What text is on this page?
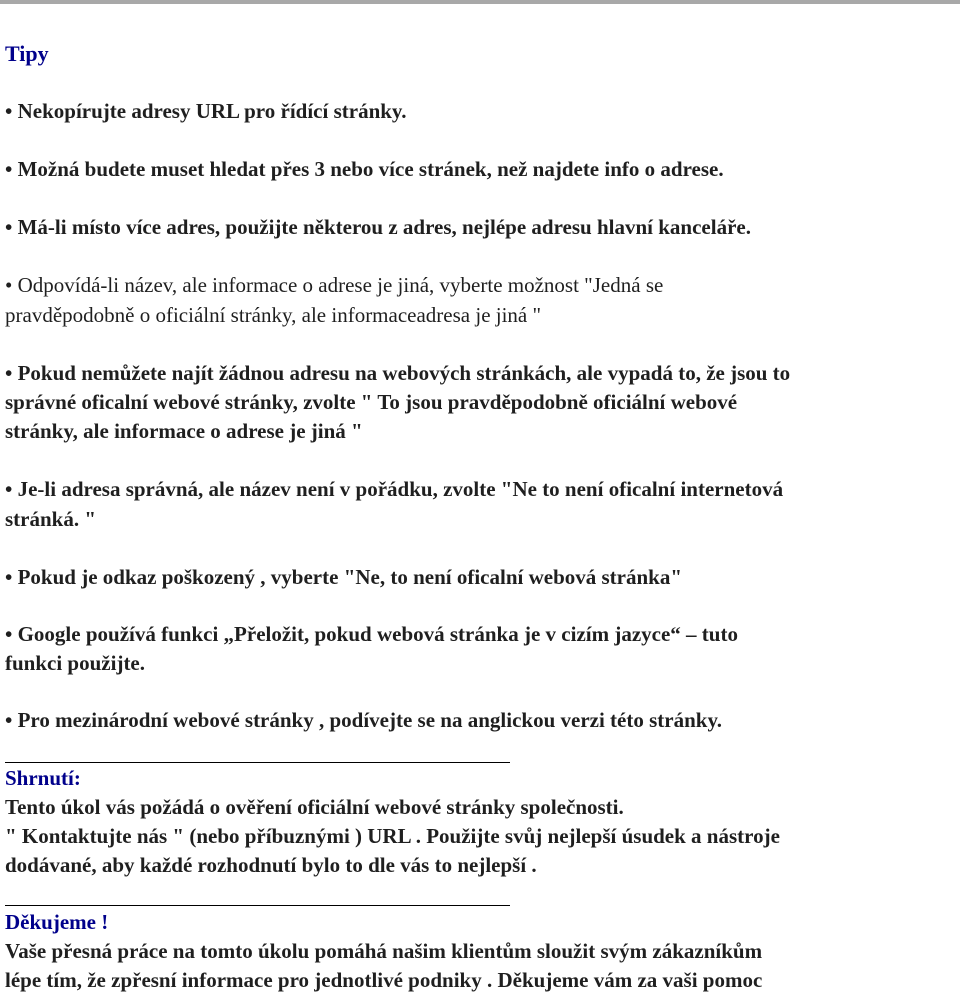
Tipy

• Nekopírujte adresy URL pro řídící stránky.

• Možná budete muset hledat přes 3 nebo více stránek, než najdete info o adrese.

• Má-li místo více adres, použijte některou z adres, nejlépe adresu hlavní kanceláře.

• Odpovídá-li název, ale informace o adrese je jiná, vyberte možnost "Jedná se

pravděpodobně o oficiální stránky, ale informaceadresa je jiná "

• Pokud nemůžete najít žádnou adresu na webových stránkách, ale vypadá to, že jsou to

správné oficalní webové stránky, zvolte " To jsou pravděpodobně oficiální webové

stránky, ale informace o adrese je jiná "

• Je-li adresa správná, ale název není v pořádku, zvolte "Ne to není oficalní internetová

stránká. "

• Pokud je odkaz poškozený , vyberte "Ne, to není oficalní webová stránka"

• Google používá funkci „Přeložit, pokud webová stránka je v cizím jazyce“ – tuto

funkci použijte.

• Pro mezinárodní webové stránky , podívejte se na anglickou verzi této stránky.

Shrnutí:

Tento úkol vás požádá o ověření oficiální webové stránky společnosti.

" Kontaktujte nás " (nebo příbuznými ) URL . Použijte svůj nejlepší úsudek a nástroje

dodávané, aby každé rozhodnutí bylo to dle vás to nejlepší .

Děkujeme !

Vaše přesná práce na tomto úkolu pomáhá našim klientům sloužit svým zákazníkům

lépe tím, že zpřesní informace pro jednotlivé podniky . Děkujeme vám za vaši pomoc
